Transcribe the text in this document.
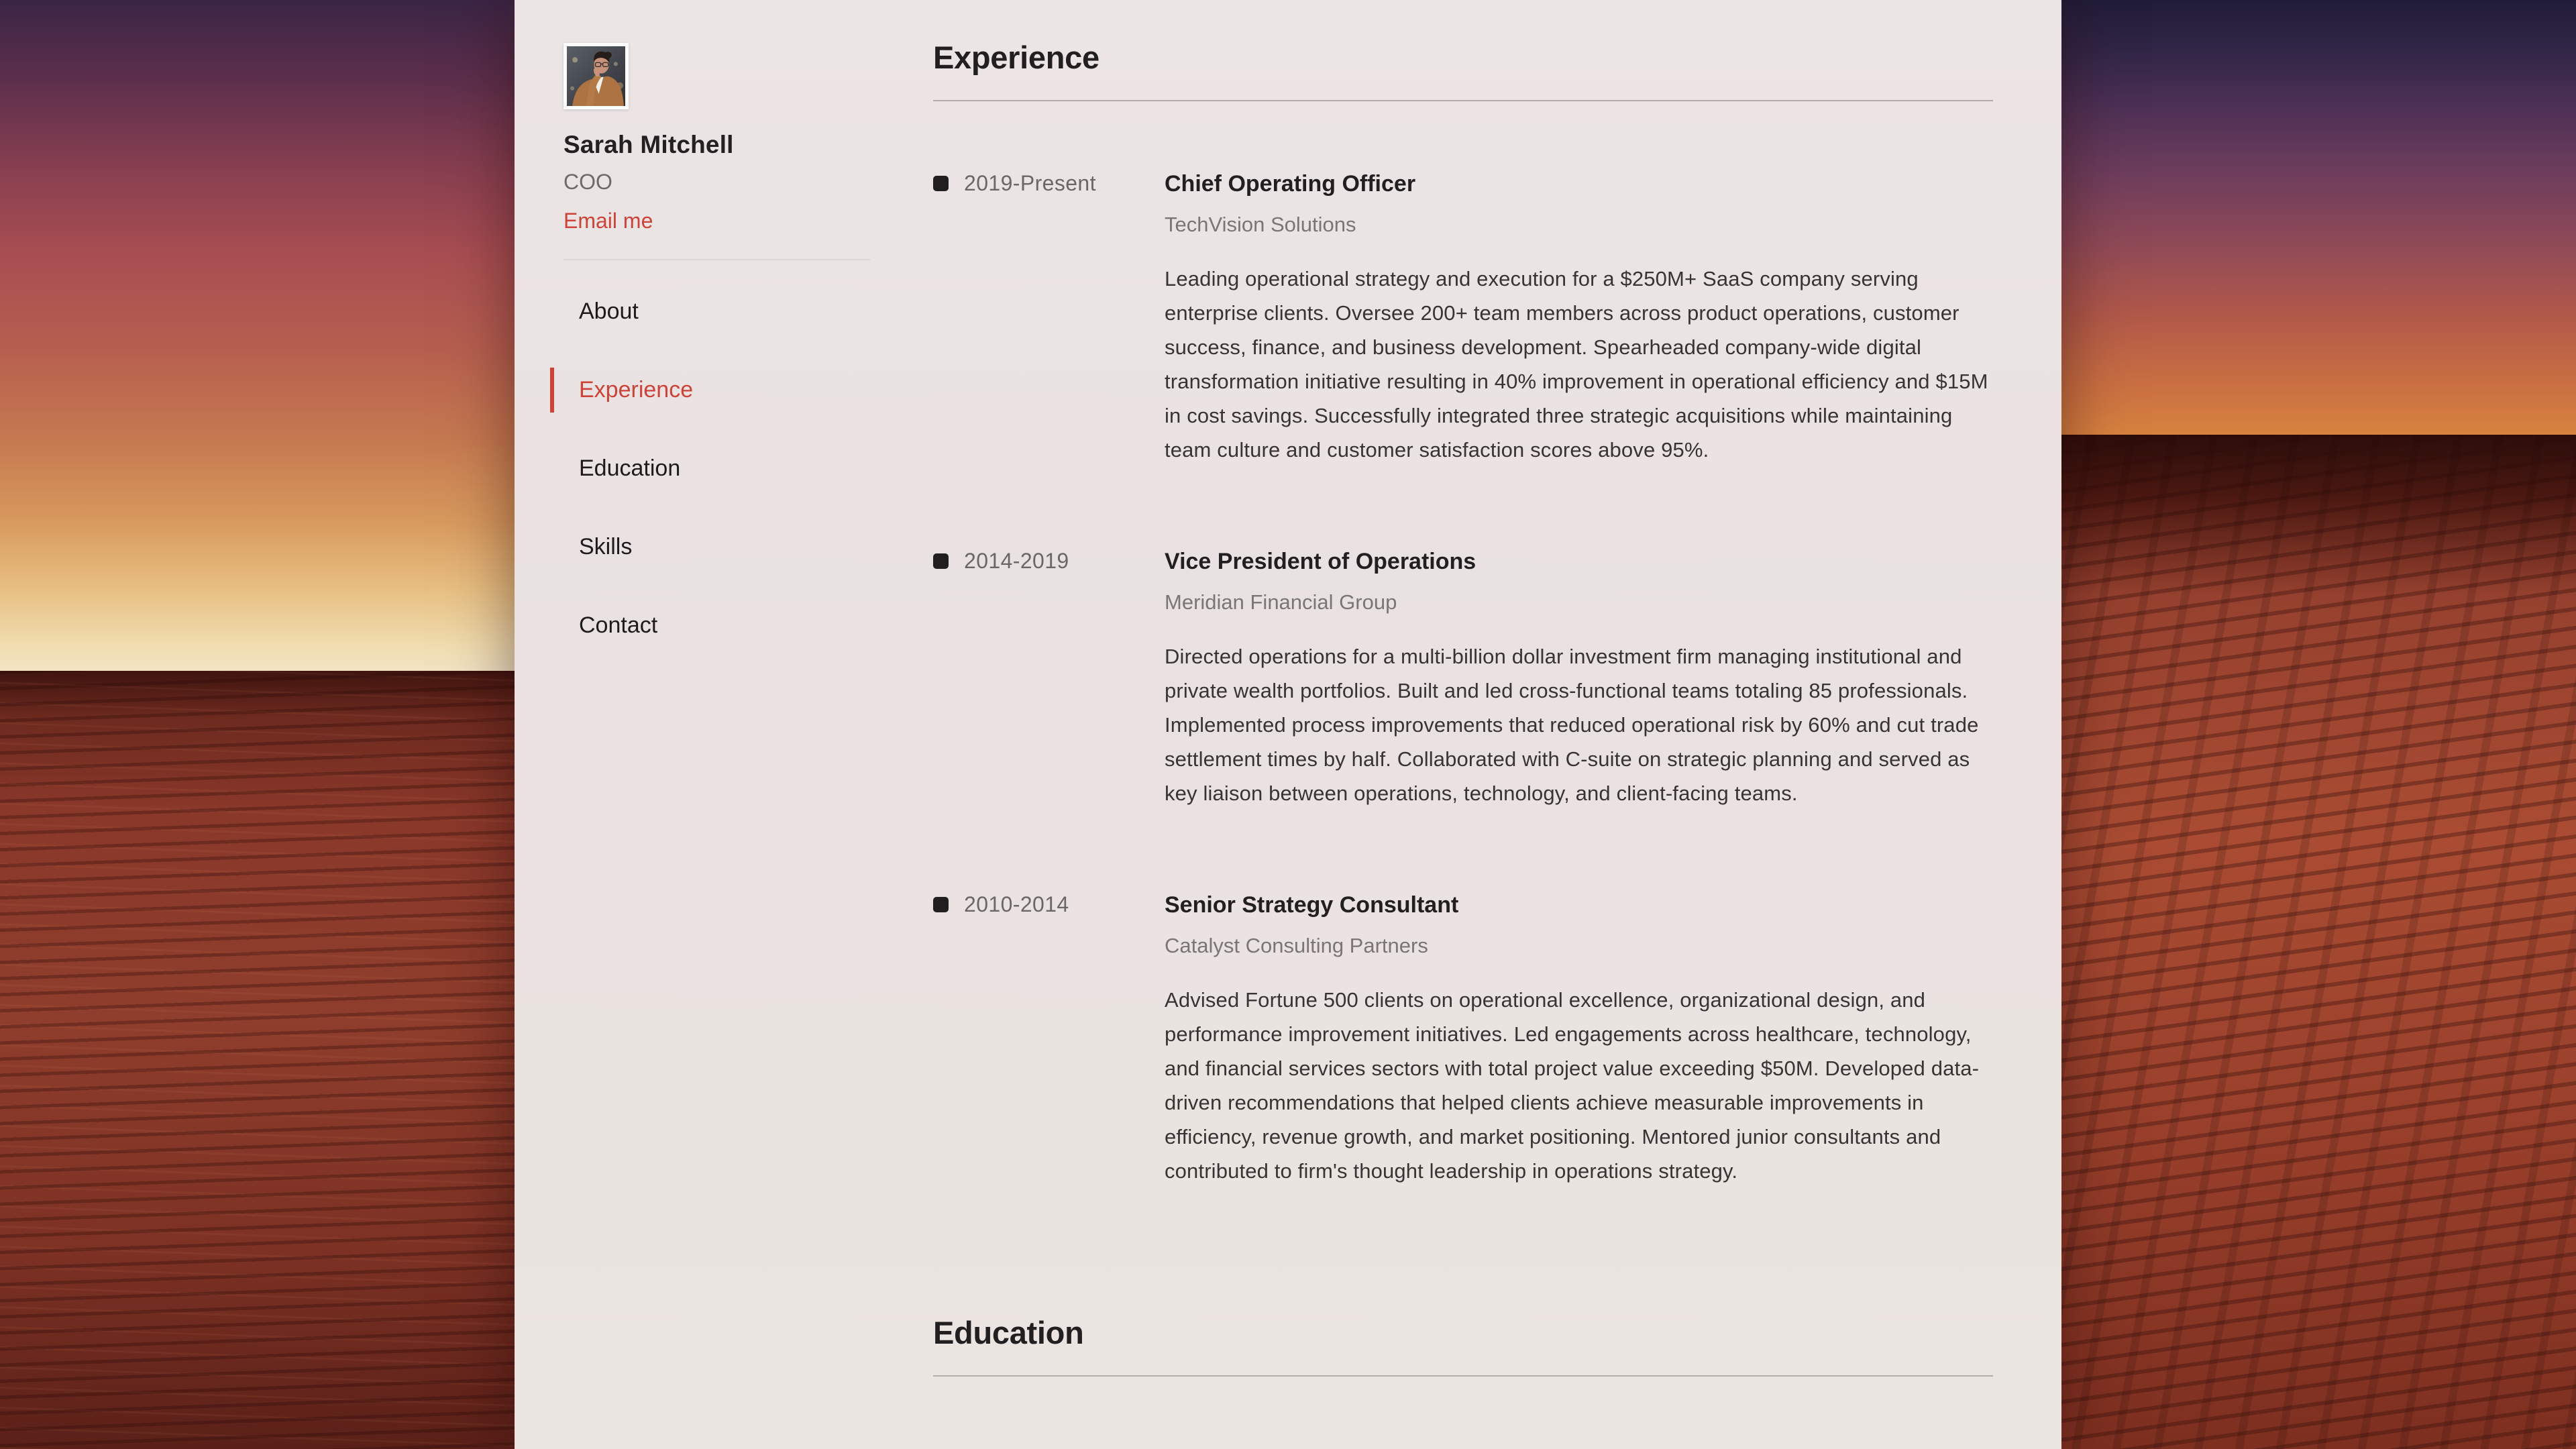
Sarah Mitchell
COO
Email me
About
Experience
Education
Skills
Contact
Experience
2019-Present	Chief Operating Officer
TechVision Solutions

Leading operational strategy and execution for a $250M+ SaaS company serving enterprise clients. Oversee 200+ team members across product operations, customer success, finance, and business development. Spearheaded company-wide digital transformation initiative resulting in 40% improvement in operational efficiency and $15M in cost savings. Successfully integrated three strategic acquisitions while maintaining team culture and customer satisfaction scores above 95%.

2014-2019	Vice President of Operations
Meridian Financial Group

Directed operations for a multi-billion dollar investment firm managing institutional and private wealth portfolios. Built and led cross-functional teams totaling 85 professionals. Implemented process improvements that reduced operational risk by 60% and cut trade settlement times by half. Collaborated with C-suite on strategic planning and served as key liaison between operations, technology, and client-facing teams.

2010-2014	Senior Strategy Consultant
Catalyst Consulting Partners

Advised Fortune 500 clients on operational excellence, organizational design, and performance improvement initiatives. Led engagements across healthcare, technology, and financial services sectors with total project value exceeding $50M. Developed data-driven recommendations that helped clients achieve measurable improvements in efficiency, revenue growth, and market positioning. Mentored junior consultants and contributed to firm's thought leadership in operations strategy.

Education
